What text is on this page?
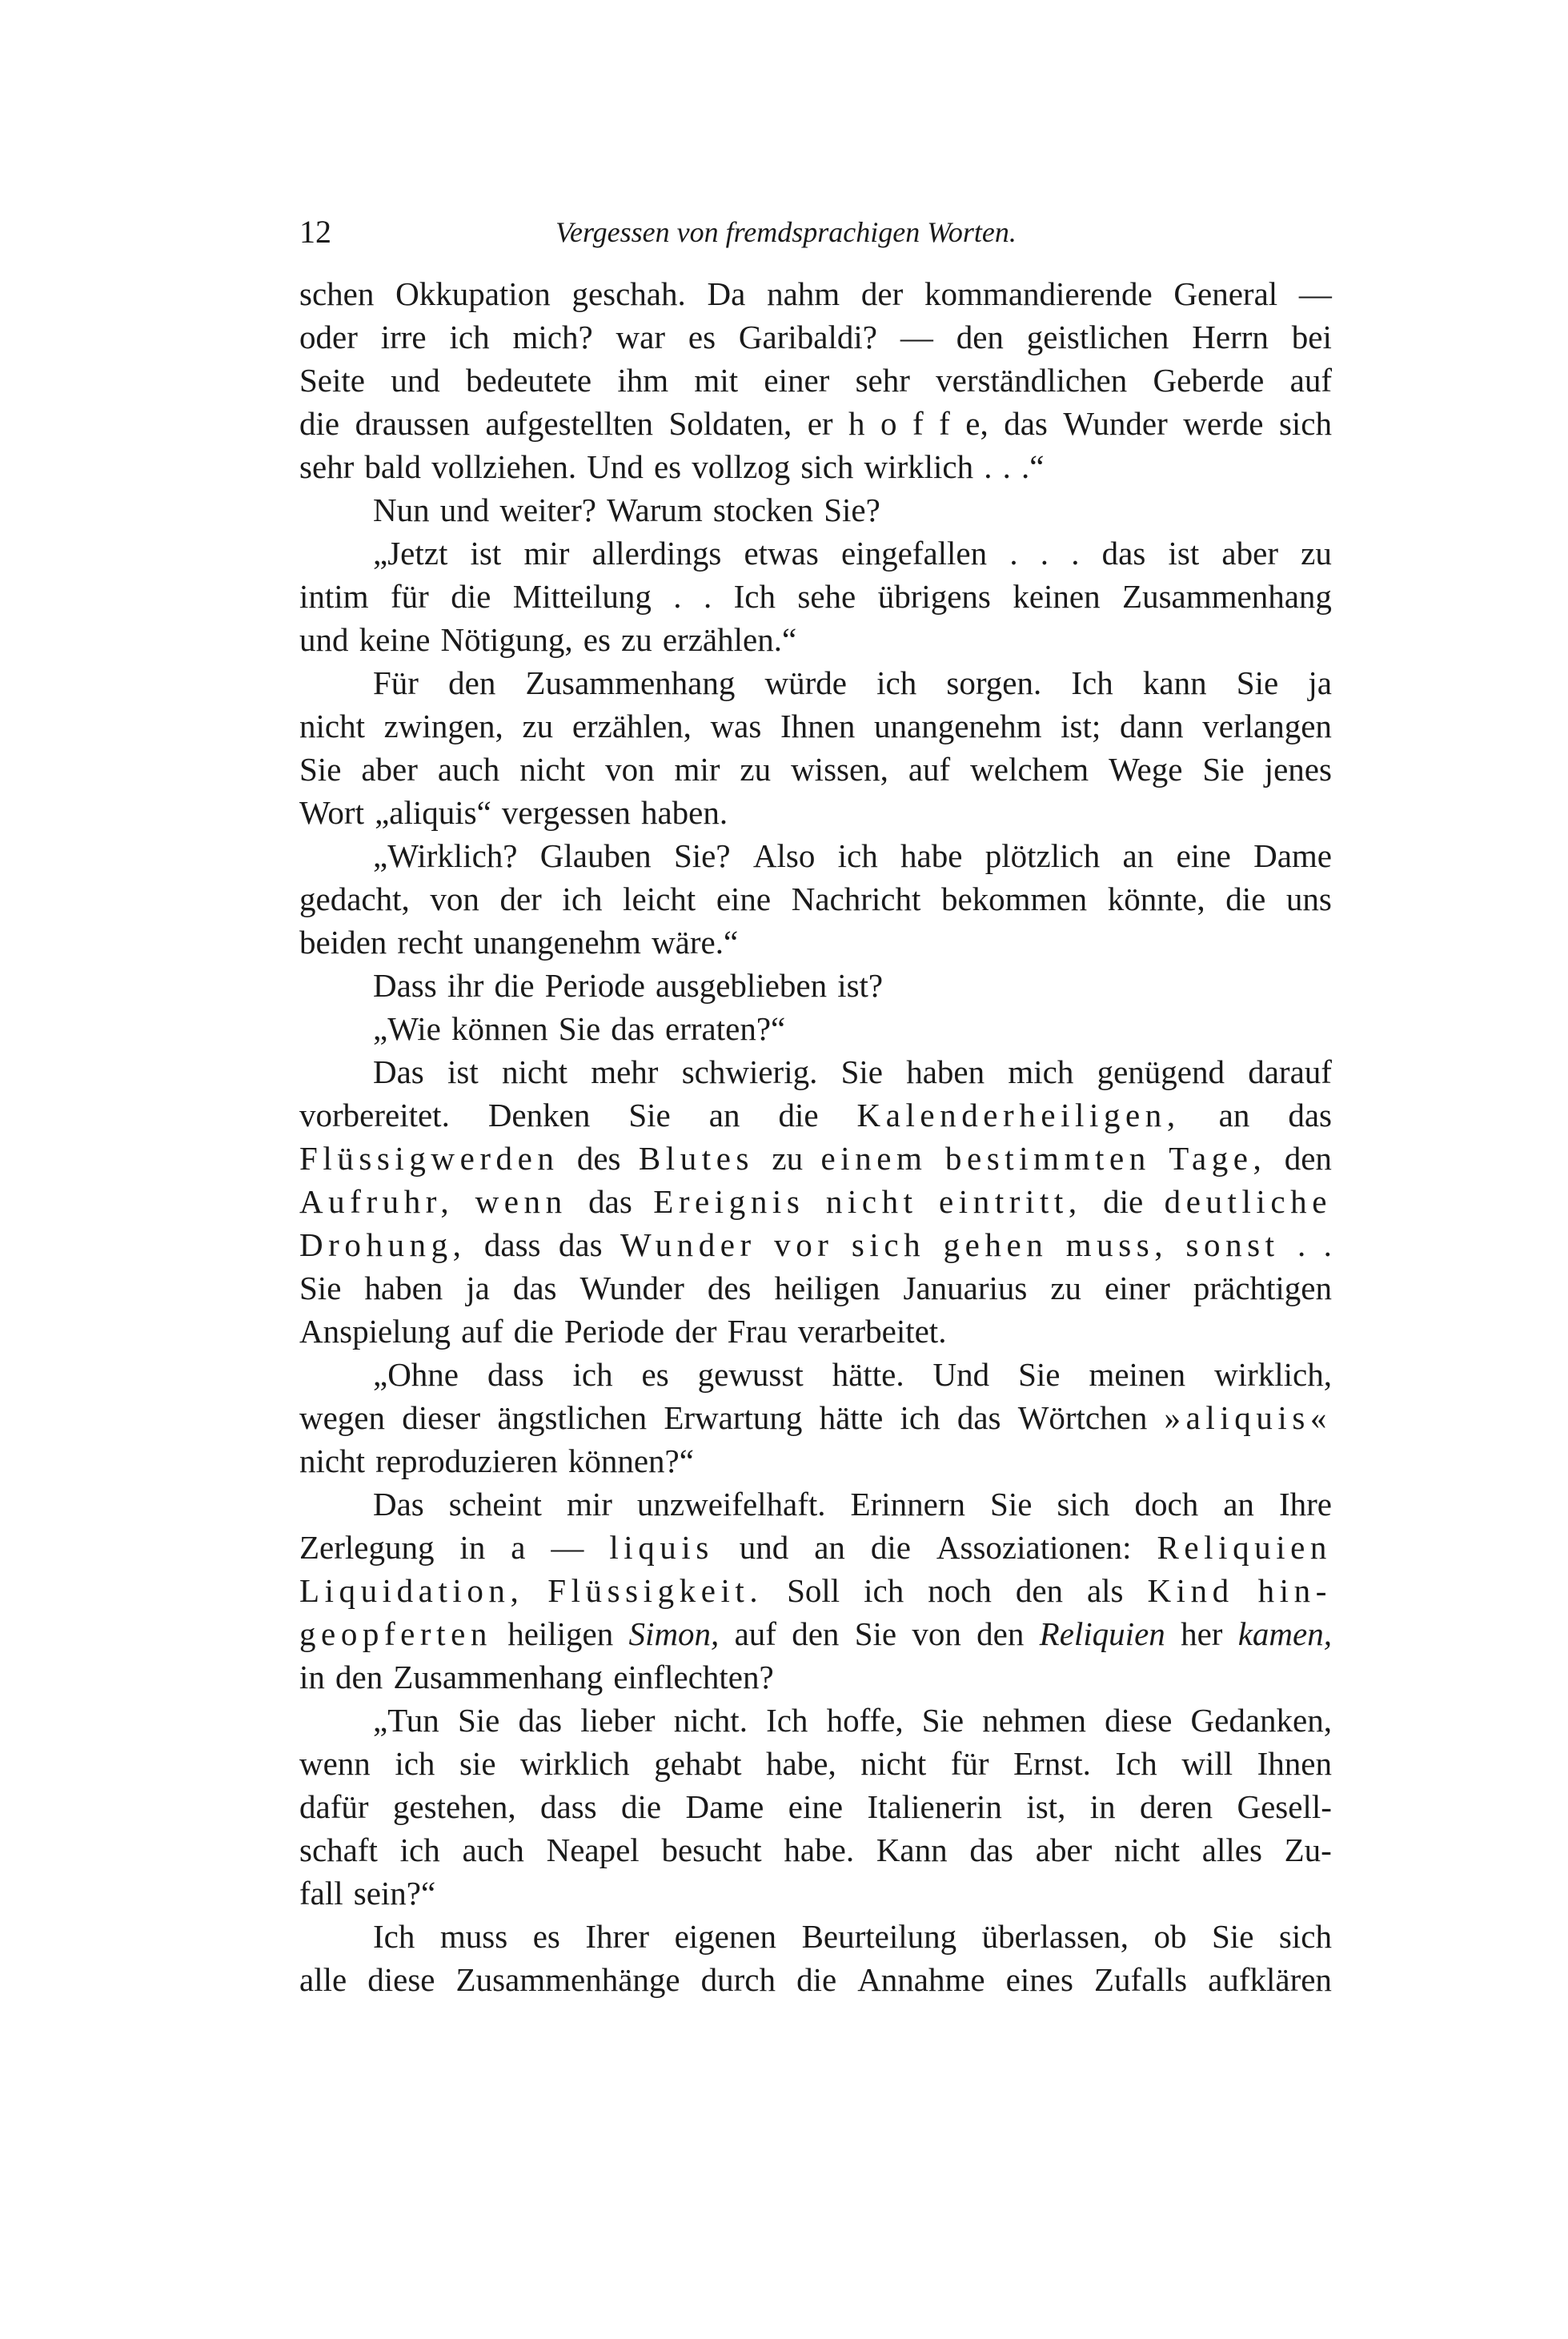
12	Vergessen von fremdsprachigen Worten.
schen Okkupation geschah. Da nahm der kommandierende General —
oder irre ich mich? war es Garibaldi? — den geistlichen Herrn bei
Seite und bedeutete ihm mit einer sehr verständlichen Geberde auf
die draussen aufgestellten Soldaten, er h o f f e, das Wunder werde sich
sehr bald vollziehen. Und es vollzog sich wirklich . . .“
Nun und weiter? Warum stocken Sie?
„Jetzt ist mir allerdings etwas eingefallen . . . das ist aber zu
intim für die Mitteilung . . Ich sehe übrigens keinen Zusammenhang
und keine Nötigung, es zu erzählen.“
Für den Zusammenhang würde ich sorgen. Ich kann Sie ja
nicht zwingen, zu erzählen, was Ihnen unangenehm ist; dann verlangen
Sie aber auch nicht von mir zu wissen, auf welchem Wege Sie jenes
Wort „aliquis“ vergessen haben.
„Wirklich? Glauben Sie? Also ich habe plötzlich an eine Dame
gedacht, von der ich leicht eine Nachricht bekommen könnte, die uns
beiden recht unangenehm wäre.“
Dass ihr die Periode ausgeblieben ist?
„Wie können Sie das erraten?“
Das ist nicht mehr schwierig. Sie haben mich genügend darauf
vorbereitet. Denken Sie an die Kalenderheiligen, an das
Flüssigwerden des Blutes zu einem bestimmten Tage, den
Aufruhr, wenn das Ereignis nicht eintritt, die deutliche
Drohung, dass das Wunder vor sich gehen muss, sonst . .
Sie haben ja das Wunder des heiligen Januarius zu einer prächtigen
Anspielung auf die Periode der Frau verarbeitet.
„Ohne dass ich es gewusst hätte. Und Sie meinen wirklich,
wegen dieser ängstlichen Erwartung hätte ich das Wörtchen »aliquis«
nicht reproduzieren können?“
Das scheint mir unzweifelhaft. Erinnern Sie sich doch an Ihre
Zerlegung in a — liquis und an die Assoziationen: Reliquien
Liquidation, Flüssigkeit. Soll ich noch den als Kind hin-
geopferten heiligen Simon, auf den Sie von den Reliquien her kamen,
in den Zusammenhang einflechten?
„Tun Sie das lieber nicht. Ich hoffe, Sie nehmen diese Gedanken,
wenn ich sie wirklich gehabt habe, nicht für Ernst. Ich will Ihnen
dafür gestehen, dass die Dame eine Italienerin ist, in deren Gesell-
schaft ich auch Neapel besucht habe. Kann das aber nicht alles Zu-
fall sein?“
Ich muss es Ihrer eigenen Beurteilung überlassen, ob Sie sich
alle diese Zusammenhänge durch die Annahme eines Zufalls aufklären
